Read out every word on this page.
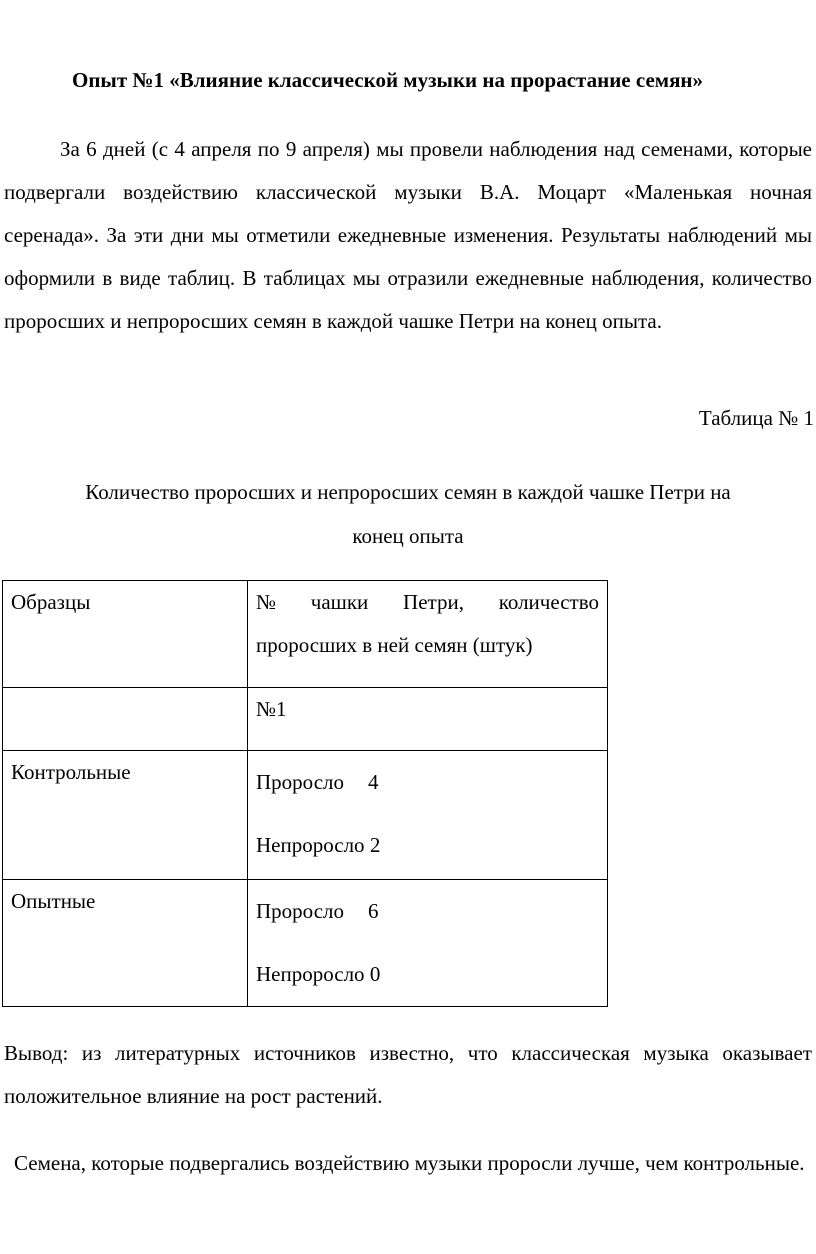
Опыт №1 «Влияние классической музыки на прорастание семян»

За 6 дней (с 4 апреля по 9 апреля) мы провели наблюдения над семенами, которые подвергали воздействию классической музыки В.А. Моцарт «Маленькая ночная серенада». За эти дни мы отметили ежедневные изменения. Результаты наблюдений мы оформили в виде таблиц. В таблицах мы отразили ежедневные наблюдения, количество проросших и непроросших семян в каждой чашке Петри на конец опыта.

Таблица № 1
Количество проросших и непроросших семян в каждой чашке Петри на
конец опыта
Образцы	№ чашки Петри, количество
проросших в ней семян (штук)

	№1
Контрольные	Проросло 4
Непроросло 2

Опытные	Проросло 6
Непроросло 0

Вывод: из литературных источников известно, что классическая музыка оказывает положительное влияние на рост растений.

Семена, которые подвергались воздействию музыки проросли лучше, чем контрольные.
